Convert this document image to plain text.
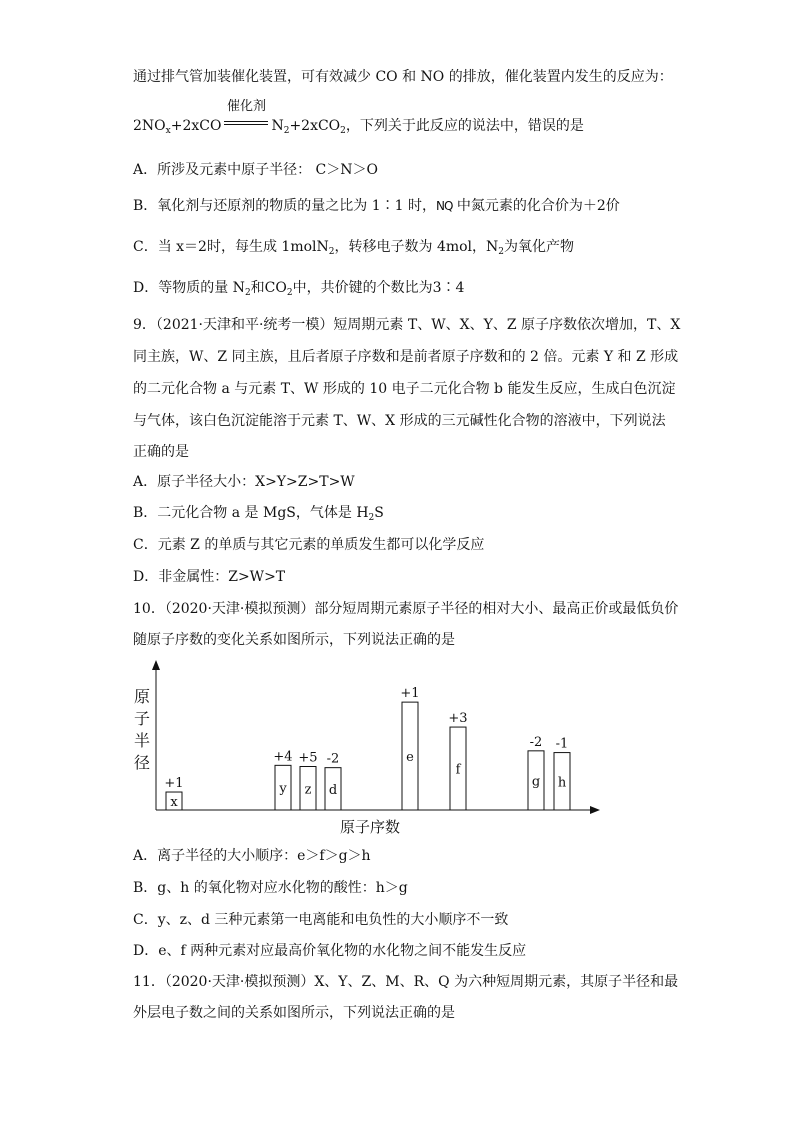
通过排气管加装催化装置，可有效减少 CO 和 NO 的排放，催化装置内发生的反应为：
$2NO_x+2xCO$
催化剂
$N_2+2xCO_2$，下列关于此反应的说法中，错误的是
A．所涉及元素中原子半径： C＞N＞O
B．氧化剂与还原剂的物质的量之比为 1∶1 时，NQ 中氮元素的化合价为＋2价
C．当 x＝2时，每生成 1molN$_2$，转移电子数为 4mol，$N_2$为氧化产物
D．等物质的量 $N_2$和$CO_2$中，共价键的个数比为3∶4
9．（2021·天津和平·统考一模）短周期元素 T、W、X、Y、Z 原子序数依次增加，T、X
同主族，W、Z 同主族，且后者原子序数和是前者原子序数和的 2 倍。元素 Y 和 Z 形成
的二元化合物 a 与元素 T、W 形成的 10 电子二元化合物 b 能发生反应，生成白色沉淀
与气体，该白色沉淀能溶于元素 T、W、X 形成的三元碱性化合物的溶液中，下列说法
正确的是
A．原子半径大小：X>Y>Z>T>W
B．二元化合物 a 是 MgS，气体是 $H_2S$
C．元素 Z 的单质与其它元素的单质发生都可以化学反应
D．非金属性：Z>W>T
10．（2020·天津·模拟预测）部分短周期元素原子半径的相对大小、最高正价或最低负价
随原子序数的变化关系如图所示，下列说法正确的是
原
子
半
径
原子序数
x
+1	y
+4
z
+5
d
-2	e
+1
f
+3
g
-2
h
-1
A．离子半径的大小顺序：e＞f＞g＞h
B．g、h 的氧化物对应水化物的酸性：h＞g
C．y、z、d 三种元素第一电离能和电负性的大小顺序不一致
D．e、f 两种元素对应最高价氧化物的水化物之间不能发生反应
11．（2020·天津·模拟预测）X、Y、Z、M、R、Q 为六种短周期元素，其原子半径和最
外层电子数之间的关系如图所示，下列说法正确的是
